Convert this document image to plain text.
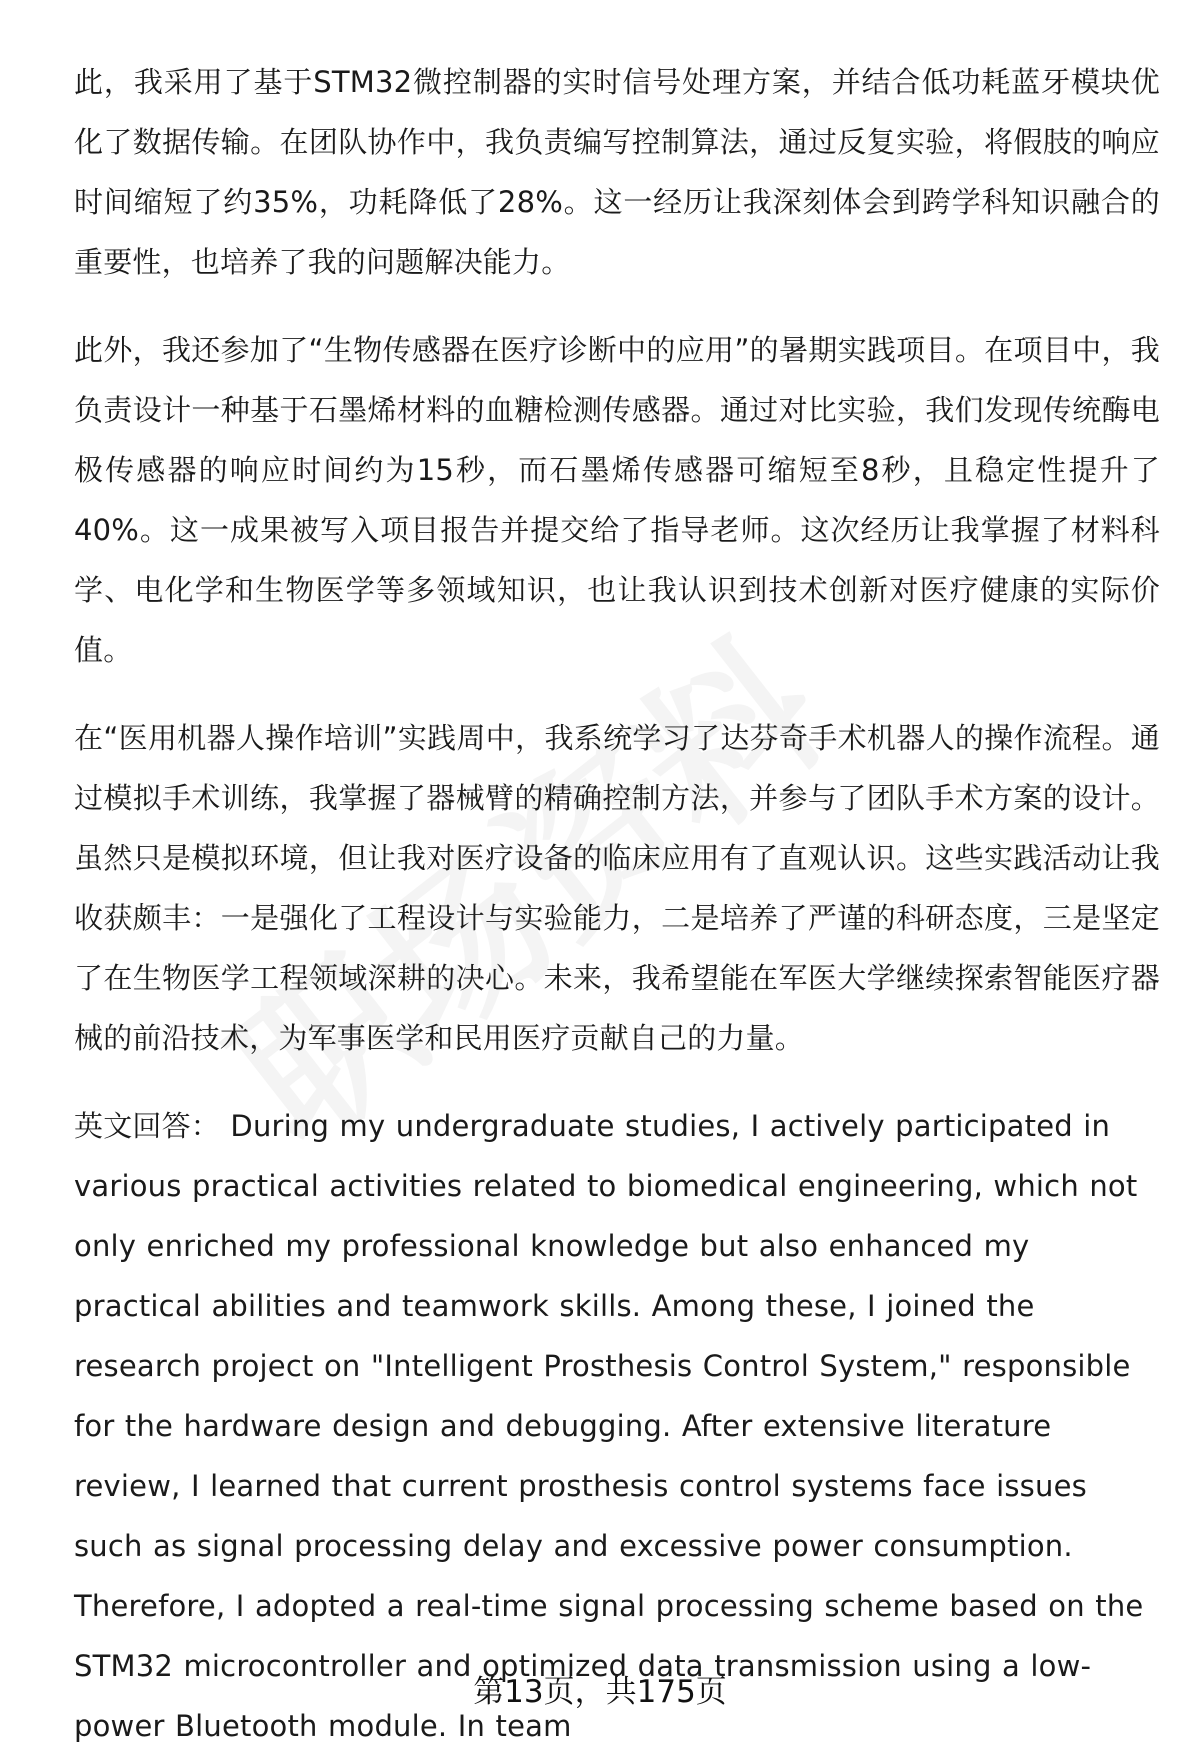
此，我采用了基于STM32微控制器的实时信号处理方案，并结合低功耗蓝牙模块优化了数据传输。在团队协作中，我负责编写控制算法，通过反复实验，将假肢的响应时间缩短了约35%，功耗降低了28%。这一经历让我深刻体会到跨学科知识融合的重要性，也培养了我的问题解决能力。

此外，我还参加了“生物传感器在医疗诊断中的应用”的暑期实践项目。在项目中，我负责设计一种基于石墨烯材料的血糖检测传感器。通过对比实验，我们发现传统酶电极传感器的响应时间约为15秒，而石墨烯传感器可缩短至8秒，且稳定性提升了40%。这一成果被写入项目报告并提交给了指导老师。这次经历让我掌握了材料科学、电化学和生物医学等多领域知识，也让我认识到技术创新对医疗健康的实际价值。

在“医用机器人操作培训”实践周中，我系统学习了达芬奇手术机器人的操作流程。通过模拟手术训练，我掌握了器械臂的精确控制方法，并参与了团队手术方案的设计。虽然只是模拟环境，但让我对医疗设备的临床应用有了直观认识。这些实践活动让我收获颇丰：一是强化了工程设计与实验能力，二是培养了严谨的科研态度，三是坚定了在生物医学工程领域深耕的决心。未来，我希望能在军医大学继续探索智能医疗器械的前沿技术，为军事医学和民用医疗贡献自己的力量。

英文回答： During my undergraduate studies, I actively participated in various practical activities related to biomedical engineering, which not only enriched my professional knowledge but also enhanced my practical abilities and teamwork skills. Among these, I joined the research project on "Intelligent Prosthesis Control System," responsible for the hardware design and debugging. After extensive literature review, I learned that current prosthesis control systems face issues such as signal processing delay and excessive power consumption. Therefore, I adopted a real-time signal processing scheme based on the STM32 microcontroller and optimized data transmission using a low-power Bluetooth module. In team

第13页，共175页
